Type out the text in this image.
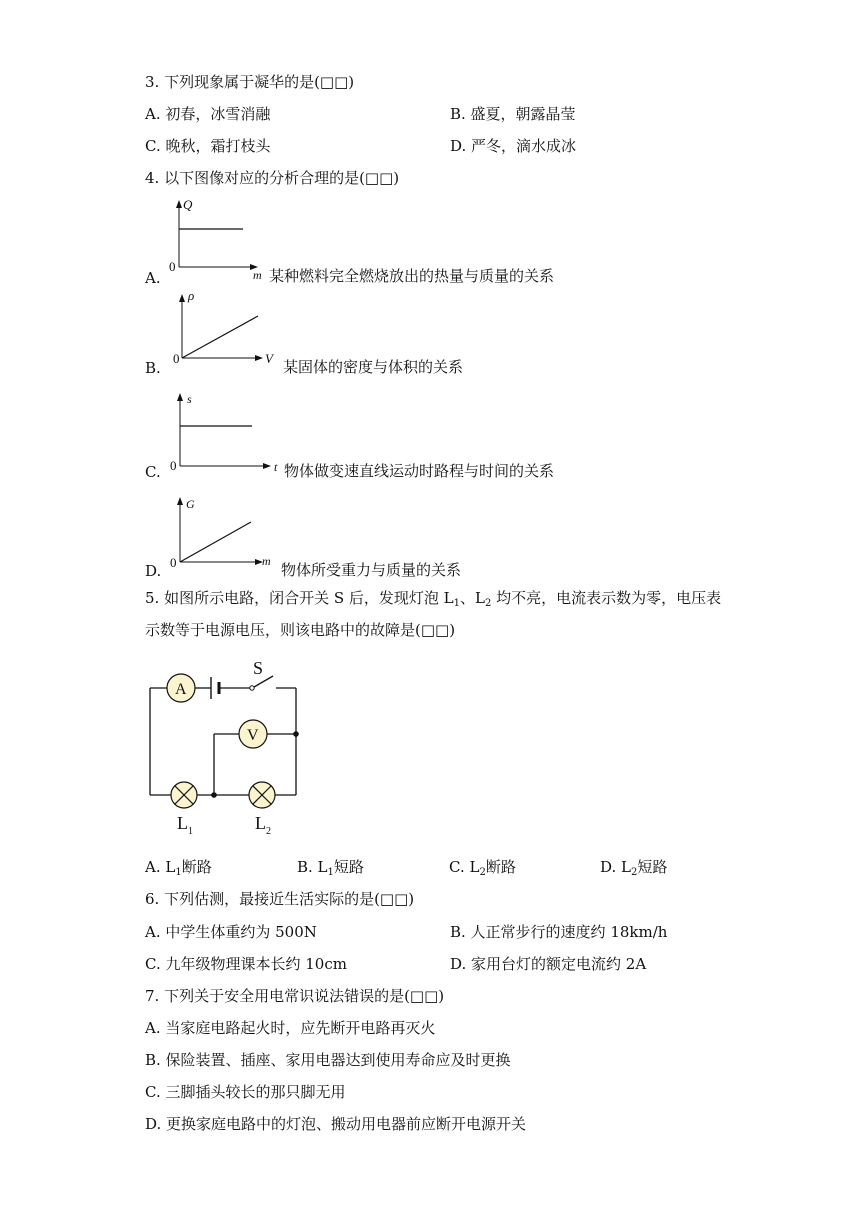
3. 下列现象属于凝华的是(□□)
A. 初春，冰雪消融	B. 盛夏，朝露晶莹
C. 晚秋，霜打枝头	D. 严冬，滴水成冰
4. 以下图像对应的分析合理的是(□□)
Q
0
m
A.	某种燃料完全燃烧放出的热量与质量的关系
ρ
0	V
B.	某固体的密度与体积的关系
s
0	t
C.	物体做变速直线运动时路程与时间的关系
G
0	m
D.	物体所受重力与质量的关系
5. 如图所示电路，闭合开关 S 后，发现灯泡 $L_1$、$L_2$ 均不亮，电流表示数为零，电压表
示数等于电源电压，则该电路中的故障是(□□)
A
S
V
L 1	L 2
A. $L_1$断路	B. $L_1$短路	C. $L_2$断路	D. $L_2$短路
6. 下列估测，最接近生活实际的是(□□)
A. 中学生体重约为 500N	B. 人正常步行的速度约 18km/h
C. 九年级物理课本长约 10cm	D. 家用台灯的额定电流约 2A
7. 下列关于安全用电常识说法错误的是(□□)
A. 当家庭电路起火时，应先断开电路再灭火
B. 保险装置、插座、家用电器达到使用寿命应及时更换
C. 三脚插头较长的那只脚无用
D. 更换家庭电路中的灯泡、搬动用电器前应断开电源开关
